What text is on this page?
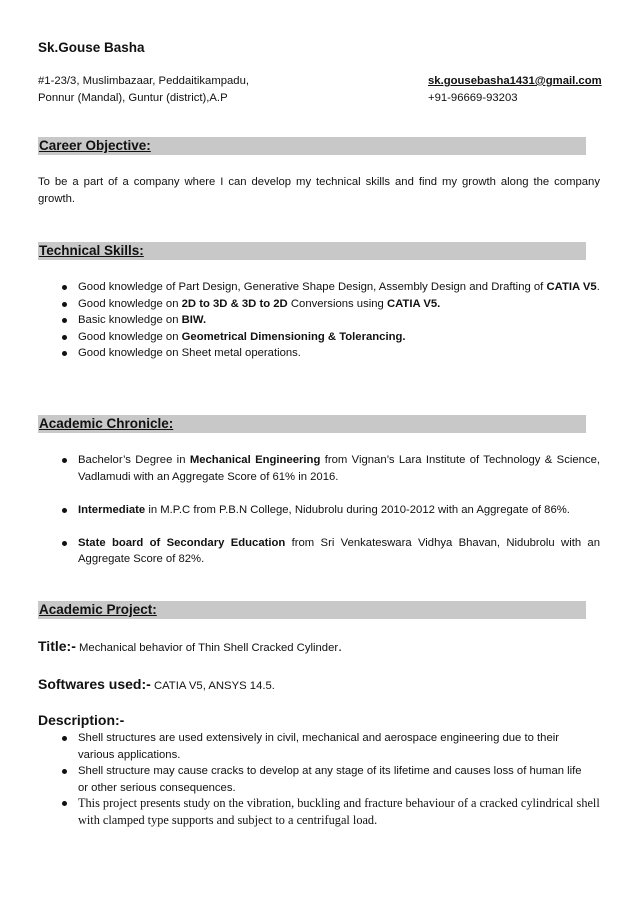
Sk.Gouse Basha
#1-23/3, Muslimbazaar, Peddaitikampadu,
Ponnur (Mandal), Guntur (district),A.P
sk.gousebasha1431@gmail.com
+91-96669-93203
Career Objective:
To be a part of a company where I can develop my technical skills and find my growth along the company growth.
Technical Skills:
Good knowledge of Part Design, Generative Shape Design, Assembly Design and Drafting of CATIA V5.
Good knowledge on 2D to 3D & 3D to 2D Conversions using CATIA V5.
Basic knowledge on BIW.
Good knowledge on Geometrical Dimensioning & Tolerancing.
Good knowledge on Sheet metal operations.
Academic Chronicle:
Bachelor’s Degree in Mechanical Engineering from Vignan’s Lara Institute of Technology & Science, Vadlamudi with an Aggregate Score of 61% in 2016.
Intermediate in M.P.C from P.B.N College, Nidubrolu during 2010-2012 with an Aggregate of 86%.
State board of Secondary Education from Sri Venkateswara Vidhya Bhavan, Nidubrolu with an Aggregate Score of 82%.
Academic Project:
Title:- Mechanical behavior of Thin Shell Cracked Cylinder.
Softwares used:- CATIA V5, ANSYS 14.5.
Description:-
Shell structures are used extensively in civil, mechanical and aerospace engineering due to their various applications.
Shell structure may cause cracks to develop at any stage of its lifetime and causes loss of human life or other serious consequences.
This project presents study on the vibration, buckling and fracture behaviour of a cracked cylindrical shell with clamped type supports and subject to a centrifugal load.
